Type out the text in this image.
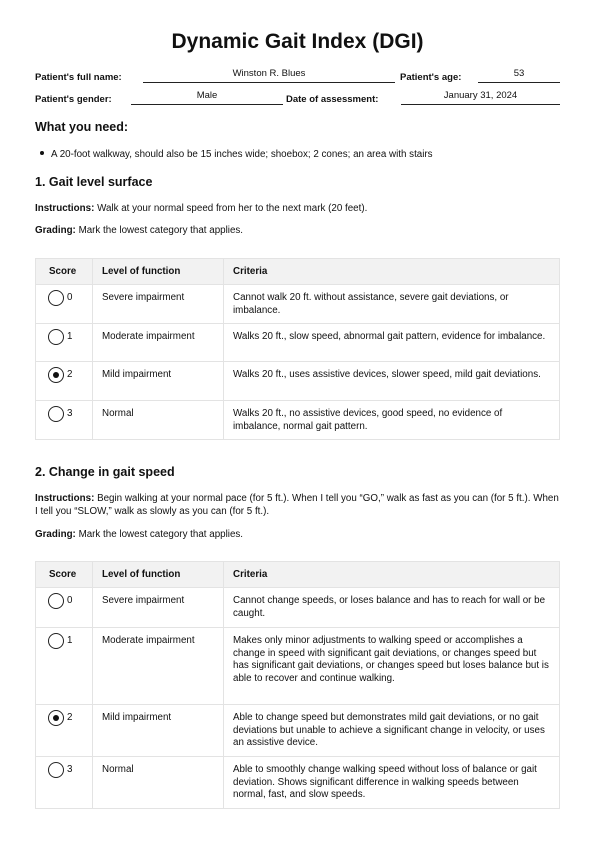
Dynamic Gait Index (DGI)
Patient's full name:	Winston R. Blues	Patient's age:	53
Patient's gender:	Male	Date of assessment:	January 31, 2024
What you need:
A 20-foot walkway, should also be 15 inches wide; shoebox; 2 cones; an area with stairs
1. Gait level surface
Instructions: Walk at your normal speed from her to the next mark (20 feet).
Grading: Mark the lowest category that applies.
Score	Level of function	Criteria
0	Severe impairment	Cannot walk 20 ft. without assistance, severe gait deviations, or imbalance.
1	Moderate impairment	Walks 20 ft., slow speed, abnormal gait pattern, evidence for imbalance.
2	Mild impairment	Walks 20 ft., uses assistive devices, slower speed, mild gait deviations.
3	Normal	Walks 20 ft., no assistive devices, good speed, no evidence of imbalance, normal gait pattern.
2. Change in gait speed
Instructions: Begin walking at your normal pace (for 5 ft.). When I tell you “GO,” walk as fast as you can (for 5 ft.). When I tell you “SLOW,” walk as slowly as you can (for 5 ft.).
Grading: Mark the lowest category that applies.
Score	Level of function	Criteria
0	Severe impairment	Cannot change speeds, or loses balance and has to reach for wall or be caught.
1	Moderate impairment	Makes only minor adjustments to walking speed or accomplishes a change in speed with significant gait deviations, or changes speed but has significant gait deviations, or changes speed but loses balance but is able to recover and continue walking.
2	Mild impairment	Able to change speed but demonstrates mild gait deviations, or no gait deviations but unable to achieve a significant change in velocity, or uses an assistive device.
3	Normal	Able to smoothly change walking speed without loss of balance or gait deviation. Shows significant difference in walking speeds between normal, fast, and slow speeds.
